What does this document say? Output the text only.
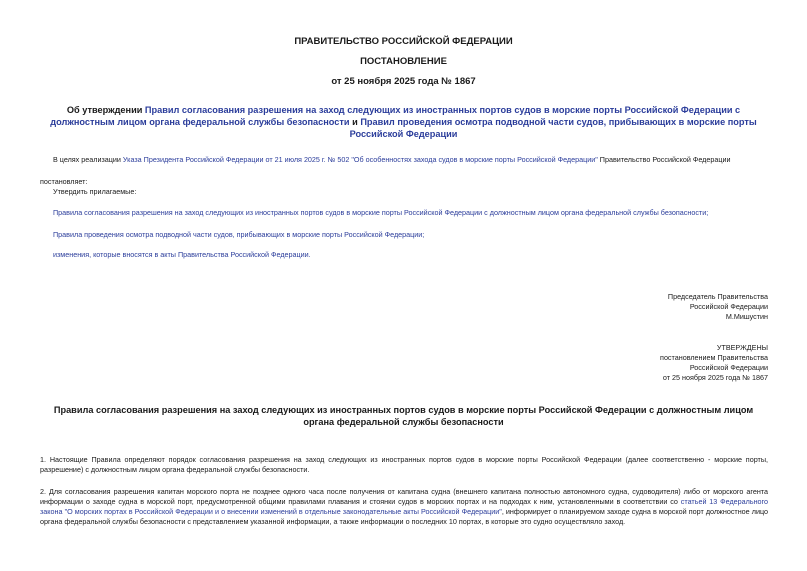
ПРАВИТЕЛЬСТВО РОССИЙСКОЙ ФЕДЕРАЦИИ
ПОСТАНОВЛЕНИЕ
от 25 ноября 2025 года № 1867
Об утверждении Правил согласования разрешения на заход следующих из иностранных портов судов в морские порты Российской Федерации с должностным лицом органа федеральной службы безопасности и Правил проведения осмотра подводной части судов, прибывающих в морские порты Российской Федерации
В целях реализации Указа Президента Российской Федерации от 21 июля 2025 г. № 502 "Об особенностях захода судов в морские порты Российской Федерации" Правительство Российской Федерации
постановляет:
Утвердить прилагаемые:
Правила согласования разрешения на заход следующих из иностранных портов судов в морские порты Российской Федерации с должностным лицом органа федеральной службы безопасности;
Правила проведения осмотра подводной части судов, прибывающих в морские порты Российской Федерации;
изменения, которые вносятся в акты Правительства Российской Федерации.
Председатель Правительства
Российской Федерации
М.Мишустин
УТВЕРЖДЕНЫ
постановлением Правительства
Российской Федерации
от 25 ноября 2025 года № 1867
Правила согласования разрешения на заход следующих из иностранных портов судов в морские порты Российской Федерации с должностным лицом органа федеральной службы безопасности
1. Настоящие Правила определяют порядок согласования разрешения на заход следующих из иностранных портов судов в морские порты Российской Федерации (далее соответственно - морские порты, разрешение) с должностным лицом органа федеральной службы безопасности.
2. Для согласования разрешения капитан морского порта не позднее одного часа после получения от капитана судна (внешнего капитана полностью автономного судна, судоводителя) либо от морского агента информации о заходе судна в морской порт, предусмотренной общими правилами плавания и стоянки судов в морских портах и на подходах к ним, установленными в соответствии со статьей 13 Федерального закона "О морских портах в Российской Федерации и о внесении изменений в отдельные законодательные акты Российской Федерации", информирует о планируемом заходе судна в морской порт должностное лицо органа федеральной службы безопасности с представлением указанной информации, а также информации о последних 10 портах, в которые это судно осуществляло заход.
